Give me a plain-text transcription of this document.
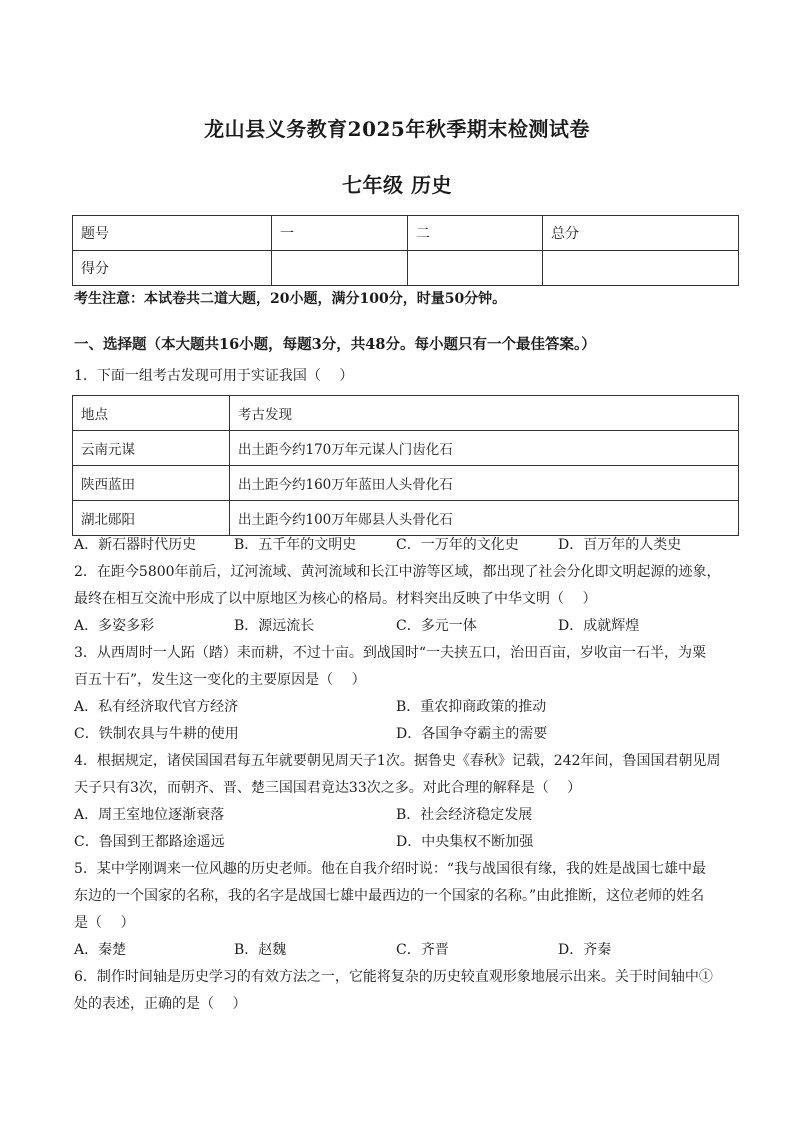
龙山县义务教育2025年秋季期末检测试卷
七年级 历史
题号	一	二	总分
得分			
考生注意：本试卷共二道大题，20小题，满分100分，时量50分钟。
一、选择题（本大题共16小题，每题3分，共48分。每小题只有一个最佳答案。）
1．下面一组考古发现可用于实证我国（　 ）
地点	考古发现
云南元谋	出土距今约170万年元谋人门齿化石
陕西蓝田	出土距今约160万年蓝田人头骨化石
湖北郧阳	出土距今约100万年郧县人头骨化石
A．新石器时代历史	B．五千年的文明史	C．一万年的文化史	D．百万年的人类史
2．在距今5800年前后，辽河流域、黄河流域和长江中游等区域，都出现了社会分化即文明起源的迹象，
最终在相互交流中形成了以中原地区为核心的格局。材料突出反映了中华文明（　 ）
A．多姿多彩	B．源远流长	C．多元一体	D．成就辉煌
3．从西周时一人跖（踏）耒而耕，不过十亩。到战国时“一夫挟五口，治田百亩，岁收亩一石半，为粟
百五十石”，发生这一变化的主要原因是（　 ）
A．私有经济取代官方经济	B．重农抑商政策的推动
C．铁制农具与牛耕的使用	D．各国争夺霸主的需要
4．根据规定，诸侯国国君每五年就要朝见周天子1次。据鲁史《春秋》记载，242年间，鲁国国君朝见周
天子只有3次，而朝齐、晋、楚三国国君竟达33次之多。对此合理的解释是（　 ）
A．周王室地位逐渐衰落	B．社会经济稳定发展
C．鲁国到王都路途遥远	D．中央集权不断加强
5．某中学刚调来一位风趣的历史老师。他在自我介绍时说：“我与战国很有缘，我的姓是战国七雄中最
东边的一个国家的名称，我的名字是战国七雄中最西边的一个国家的名称。”由此推断，这位老师的姓名
是（　 ）
A．秦楚	B．赵魏	C．齐晋	D．齐秦
6．制作时间轴是历史学习的有效方法之一，它能将复杂的历史较直观形象地展示出来。关于时间轴中①
处的表述，正确的是（　 ）
